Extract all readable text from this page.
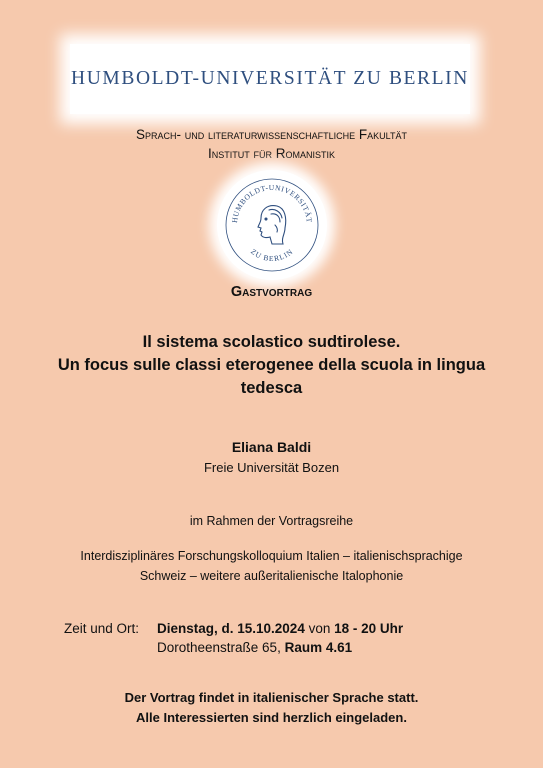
HUMBOLDT-UNIVERSITÄT ZU BERLIN
Sprach- und literaturwissenschaftliche Fakultät
Institut für Romanistik
HUMBOLDT-UNIVERSITÄT
ZU BERLIN
Gastvortrag
Il sistema scolastico sudtirolese.
Un focus sulle classi eterogenee della scuola in lingua
tedesca
Eliana Baldi
Freie Universität Bozen
im Rahmen der Vortragsreihe
Interdisziplinäres Forschungskolloquium Italien – italienischsprachige
Schweiz – weitere außeritalienische Italophonie
Zeit und Ort: Dienstag, d. 15.10.2024 von 18 - 20 Uhr
Dorotheenstraße 65, Raum 4.61
Der Vortrag findet in italienischer Sprache statt.
Alle Interessierten sind herzlich eingeladen.
